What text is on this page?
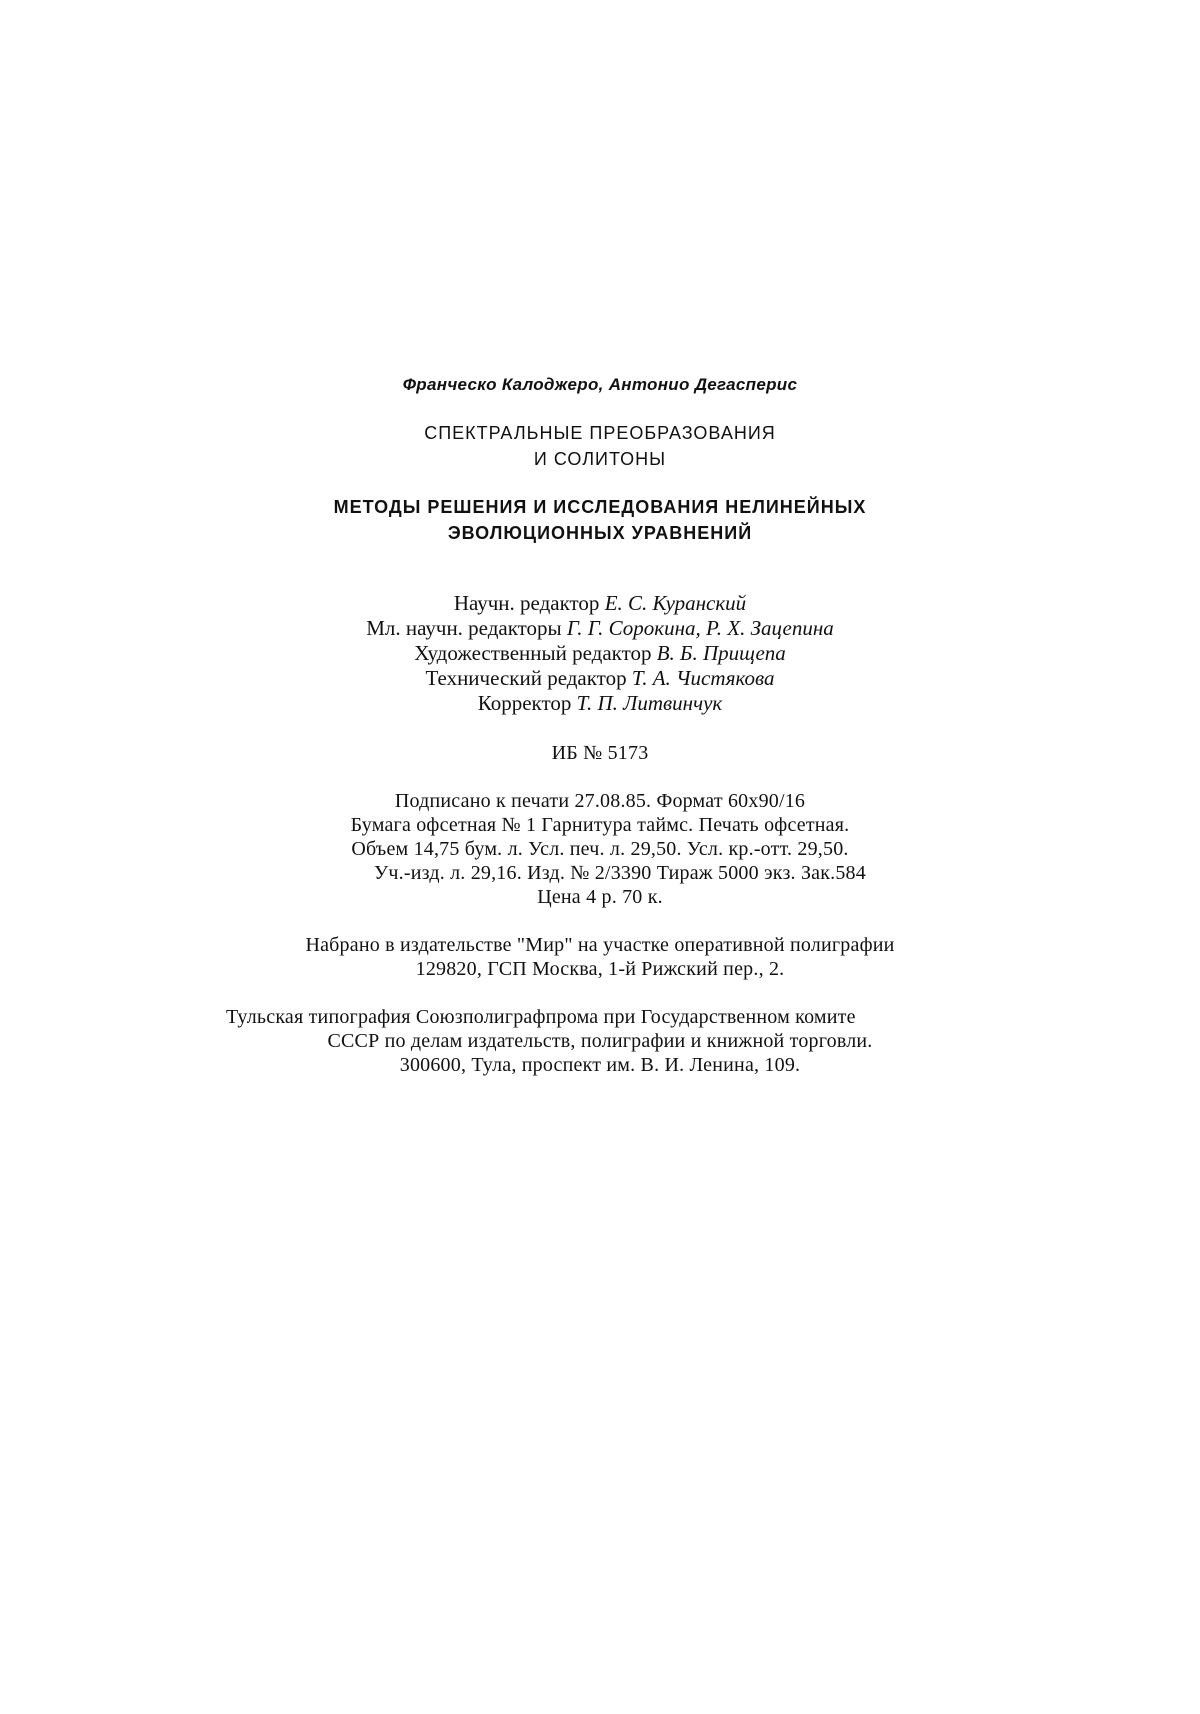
Франческо Калоджеро, Антонио Дегасперис
СПЕКТРАЛЬНЫЕ ПРЕОБРАЗОВАНИЯ
И СОЛИТОНЫ
МЕТОДЫ РЕШЕНИЯ И ИССЛЕДОВАНИЯ НЕЛИНЕЙНЫХ
ЭВОЛЮЦИОННЫХ УРАВНЕНИЙ
Научн. редактор Е. С. Куранский
Мл. научн. редакторы Г. Г. Сорокина, Р. Х. Зацепина
Художественный редактор В. Б. Прищепа
Технический редактор Т. А. Чистякова
Корректор Т. П. Литвинчук
ИБ № 5173
Подписано к печати 27.08.85. Формат 60x90/16
Бумага офсетная № 1 Гарнитура таймс. Печать офсетная.
Объем 14,75 бум. л. Усл. печ. л. 29,50. Усл. кр.-отт. 29,50.
Уч.-изд. л. 29,16. Изд. № 2/3390 Тираж 5000 экз. Зак.584
Цена 4 р. 70 к.
Набрано в издательстве "Мир" на участке оперативной полиграфии
129820, ГСП Москва, 1-й Рижский пер., 2.
Тульская типография Союзполиграфпрома при Государственном комите
СССР по делам издательств, полиграфии и книжной торговли.
300600, Тула, проспект им. В. И. Ленина, 109.
